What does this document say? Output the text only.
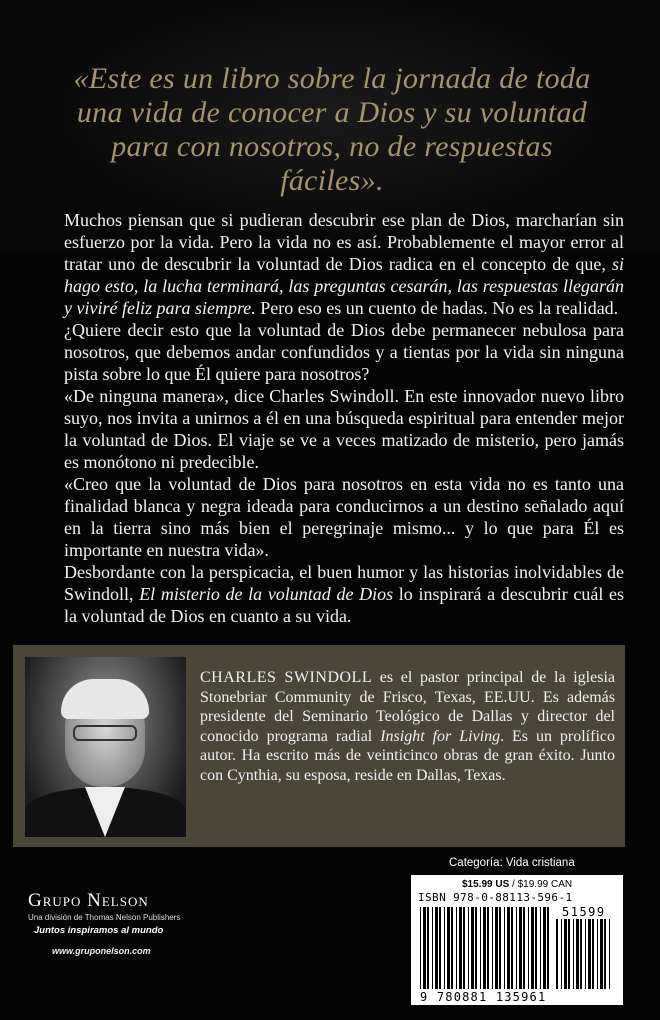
«Este es un libro sobre la jornada de toda una vida de conocer a Dios y su voluntad para con nosotros, no de respuestas fáciles».

Muchos piensan que si pudieran descubrir ese plan de Dios, marcharían sin esfuerzo por la vida. Pero la vida no es así. Probablemente el mayor error al tratar uno de descubrir la voluntad de Dios radica en el concepto de que, si hago esto, la lucha terminará, las preguntas cesarán, las respuestas llegarán y viviré feliz para siempre. Pero eso es un cuento de hadas. No es la realidad.

¿Quiere decir esto que la voluntad de Dios debe permanecer nebulosa para nosotros, que debemos andar confundidos y a tientas por la vida sin ninguna pista sobre lo que Él quiere para nosotros?

«De ninguna manera», dice Charles Swindoll. En este innovador nuevo libro suyo, nos invita a unirnos a él en una búsqueda espiritual para entender mejor la voluntad de Dios. El viaje se ve a veces matizado de misterio, pero jamás es monótono ni predecible.

«Creo que la voluntad de Dios para nosotros en esta vida no es tanto una finalidad blanca y negra ideada para conducirnos a un destino señalado aquí en la tierra sino más bien el peregrinaje mismo... y lo que para Él es importante en nuestra vida».

Desbordante con la perspicacia, el buen humor y las historias inolvidables de Swindoll, El misterio de la voluntad de Dios lo inspirará a descubrir cuál es la voluntad de Dios en cuanto a su vida.

CHARLES SWINDOLL es el pastor principal de la iglesia Stonebriar Community de Frisco, Texas, EE.UU. Es además presidente del Seminario Teológico de Dallas y director del conocido programa radial Insight for Living. Es un prolífico autor. Ha escrito más de veinticinco obras de gran éxito. Junto con Cynthia, su esposa, reside en Dallas, Texas.

Grupo Nelson

Una división de Thomas Nelson Publishers

Juntos inspiramos al mundo

www.gruponelson.com

Categoría: Vida cristiana

$15.99 US / $19.99 CAN

ISBN 978-0-88113-596-1

51599

9 780881 135961
